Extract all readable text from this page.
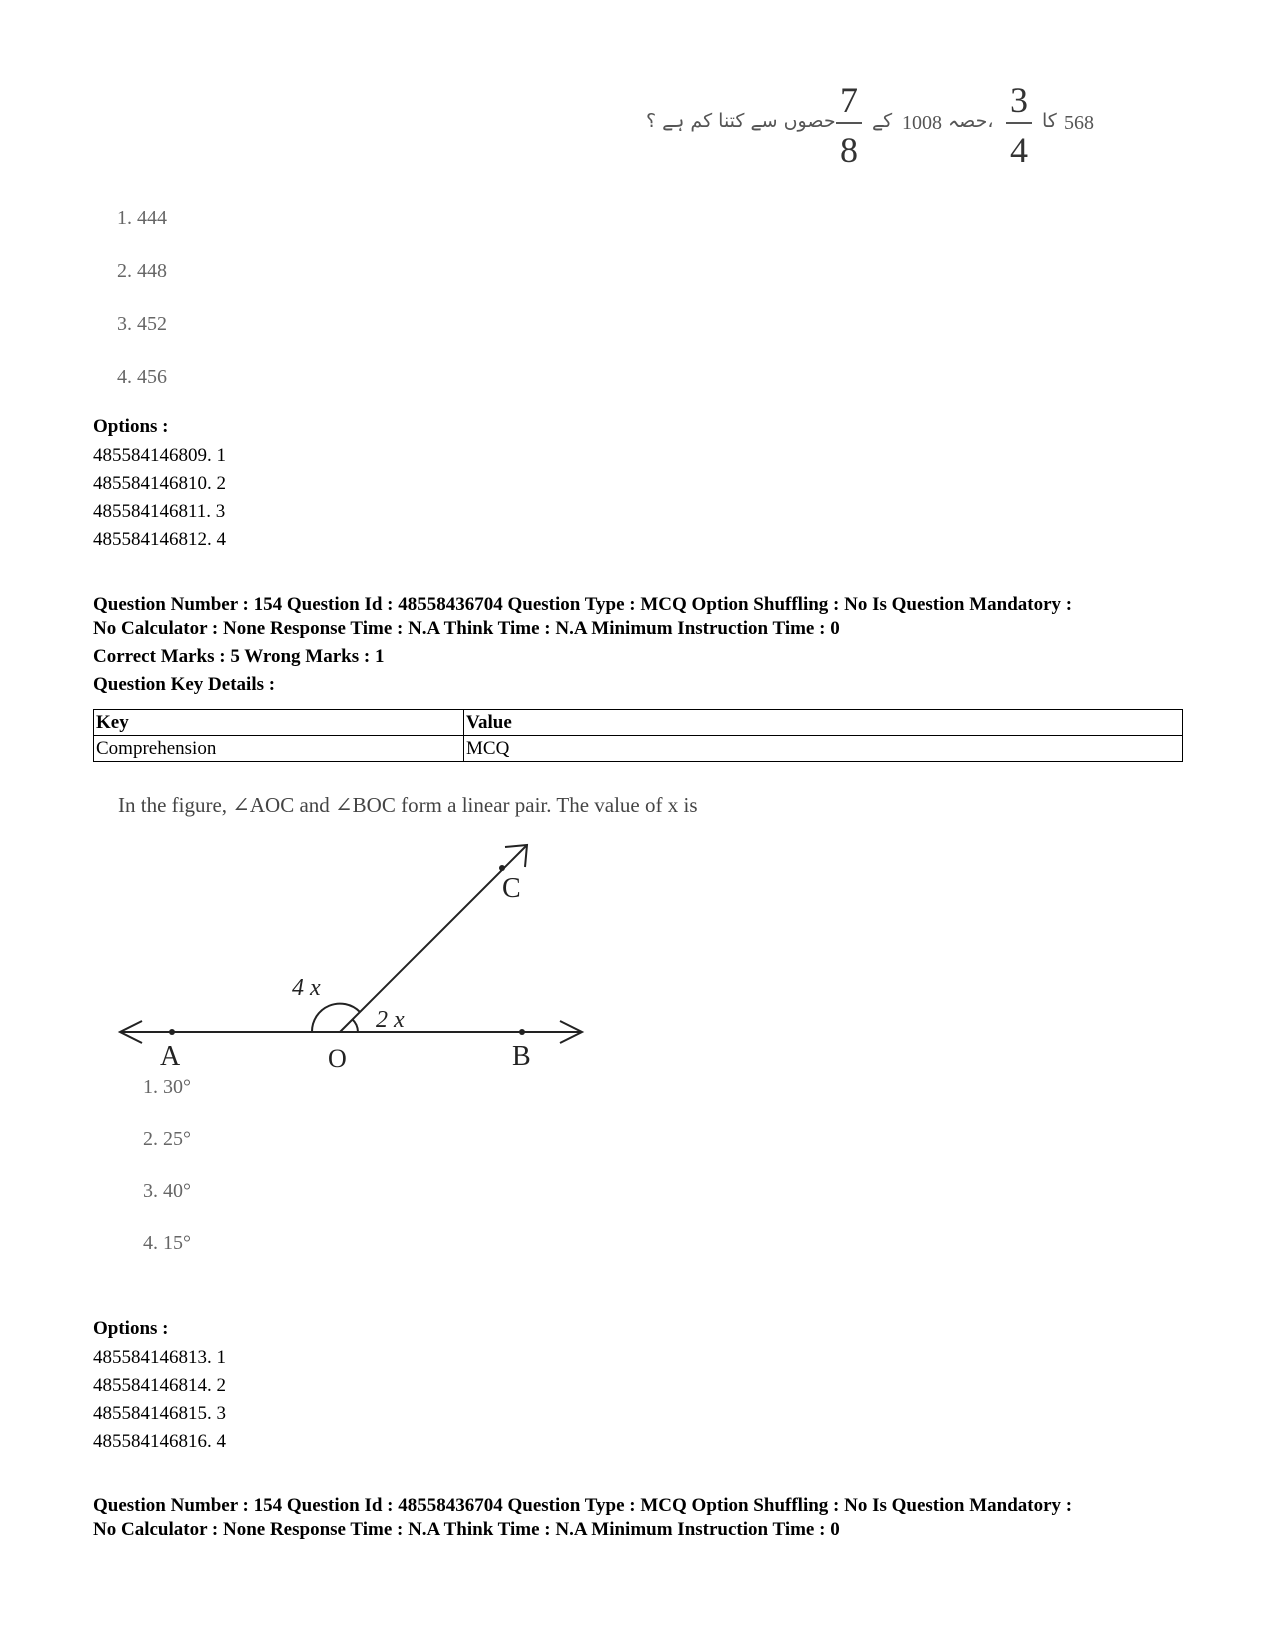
حصوں سے کتنا کم ہے ؟
7
8
کے 1008 حصہ،
3
4
کا 568
1. 444
2. 448
3. 452
4. 456
Options :
485584146809. 1
485584146810. 2
485584146811. 3
485584146812. 4
Question Number : 154 Question Id : 48558436704 Question Type : MCQ Option Shuffling : No Is Question Mandatory :
No Calculator : None Response Time : N.A Think Time : N.A Minimum Instruction Time : 0
Correct Marks : 5 Wrong Marks : 1
Question Key Details :
Key	Value
Comprehension	MCQ
In the figure, ∠AOC and ∠BOC form a linear pair. The value of x is
A	O	B
C
4 x
2 x
1. 30°
2. 25°
3. 40°
4. 15°
Options :
485584146813. 1
485584146814. 2
485584146815. 3
485584146816. 4
Question Number : 154 Question Id : 48558436704 Question Type : MCQ Option Shuffling : No Is Question Mandatory :
No Calculator : None Response Time : N.A Think Time : N.A Minimum Instruction Time : 0
